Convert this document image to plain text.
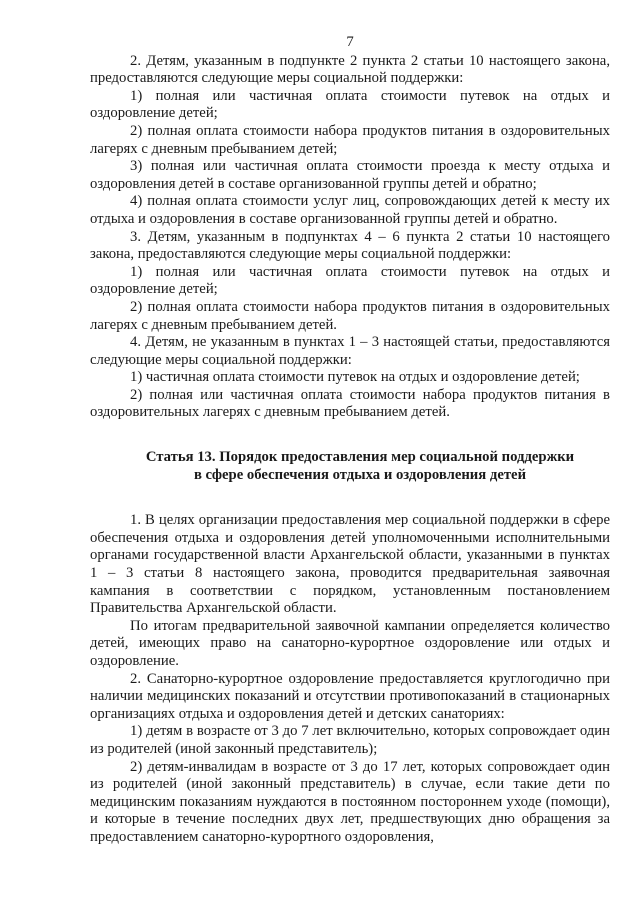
7

2. Детям, указанным в подпункте 2 пункта 2 статьи 10 настоящего закона, предоставляются следующие меры социальной поддержки:

1) полная или частичная оплата стоимости путевок на отдых и оздоровление детей;

2) полная оплата стоимости набора продуктов питания в оздоровительных лагерях с дневным пребыванием детей;

3) полная или частичная оплата стоимости проезда к месту отдыха и оздоровления детей в составе организованной группы детей и обратно;

4) полная оплата стоимости услуг лиц, сопровождающих детей к месту их отдыха и оздоровления в составе организованной группы детей и обратно.

3. Детям, указанным в подпунктах 4 – 6 пункта 2 статьи 10 настоящего закона, предоставляются следующие меры социальной поддержки:

1) полная или частичная оплата стоимости путевок на отдых и оздоровление детей;

2) полная оплата стоимости набора продуктов питания в оздоровительных лагерях с дневным пребыванием детей.

4. Детям, не указанным в пунктах 1 – 3 настоящей статьи, предоставляются следующие меры социальной поддержки:

1) частичная оплата стоимости путевок на отдых и оздоровление детей;

2) полная или частичная оплата стоимости набора продуктов питания в оздоровительных лагерях с дневным пребыванием детей.

Статья 13. Порядок предоставления мер социальной поддержки
в сфере обеспечения отдыха и оздоровления детей

1. В целях организации предоставления мер социальной поддержки в сфере обеспечения отдыха и оздоровления детей уполномоченными исполнительными органами государственной власти Архангельской области, указанными в пунктах 1 – 3 статьи 8 настоящего закона, проводится предварительная заявочная кампания в соответствии с порядком, установленным постановлением Правительства Архангельской области.

По итогам предварительной заявочной кампании определяется количество детей, имеющих право на санаторно-курортное оздоровление или отдых и оздоровление.

2. Санаторно-курортное оздоровление предоставляется круглогодично при наличии медицинских показаний и отсутствии противопоказаний в стационарных организациях отдыха и оздоровления детей и детских санаториях:

1) детям в возрасте от 3 до 7 лет включительно, которых сопровождает один из родителей (иной законный представитель);

2) детям-инвалидам в возрасте от 3 до 17 лет, которых сопровождает один из родителей (иной законный представитель) в случае, если такие дети по медицинским показаниям нуждаются в постоянном постороннем уходе (помощи), и которые в течение последних двух лет, предшествующих дню обращения за предоставлением санаторно-курортного оздоровления,
